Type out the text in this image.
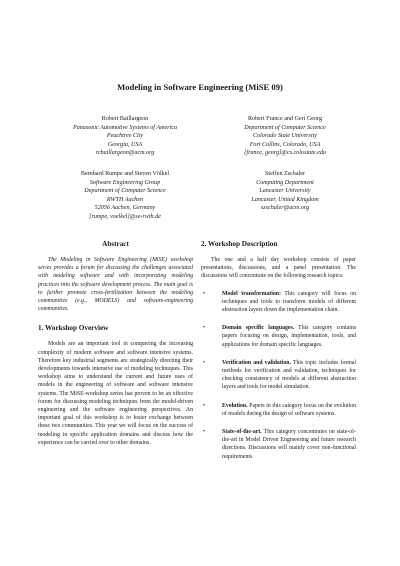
Modeling in Software Engineering (MiSE 09)
Robert Baillargeon
Panasonic Automotive Systems of America
Peachtree City
Georgia, USA
rcbaillargeon@acm.org
Robert France and Geri Georg
Department of Computer Science
Colorado State University
Fort Collins, Colorado, USA
[france, georg]@cs.colostate.edu
Bernhard Rumpe and Steven Völkel
Software Engineering Group
Department of Computer Science
RWTH Aachen
52056 Aachen, Germany
[rumpe, voelkel]@se-rwth.de
Steffen Zschaler
Computing Department
Lancaster University
Lancaster, United Kingdom
szschaler@acm.org
Abstract

The Modeling in Software Engineering (MiSE) workshop series provides a forum for discussing the challenges associated with modeling software and with incorporating modeling practices into the software development process. The main goal is to further promote cross-fertilization between the modeling communities (e.g., MODELS) and software-engineering communities.

1. Workshop Overview

Models are an important tool in conquering the increasing complexity of modern software and software intensive systems. Therefore key industrial segments are strategically directing their developments towards intensive use of modeling techniques. This workshop aims to understand the current and future uses of models in the engineering of software and software intensive systems. The MiSE-workshop series has proven to be an effective forum for discussing modeling techniques from the model-driven engineering and the software engineering perspectives. An important goal of this workshop is to foster exchange between these two communities. This year we will focus on the success of modeling in specific application domains and discuss how the experience can be carried over to other domains.

2. Workshop Description

The one and a half day workshop consists of paper presentations, discussions, and a panel presentation. The discussions will concentrate on the following research topics:

•	Model transformation: This category will focus on techniques and tools to transform models of different abstraction layers down the implementation chain.
•	Domain specific languages. This category contains papers focusing on design, implementation, tools, and applications for domain specific languages.
•	Verification and validation. This topic includes formal methods for verification and validation, techniques for checking consistency of models at different abstraction layers and tools for model simulation.
•	Evolution. Papers in this category focus on the evolution of models during the design of software systems.
•	State-of-the-art. This category concentrates on state-of-the-art in Model Driven Engineering and future research directions. Discussions will mainly cover non-functional requirements
